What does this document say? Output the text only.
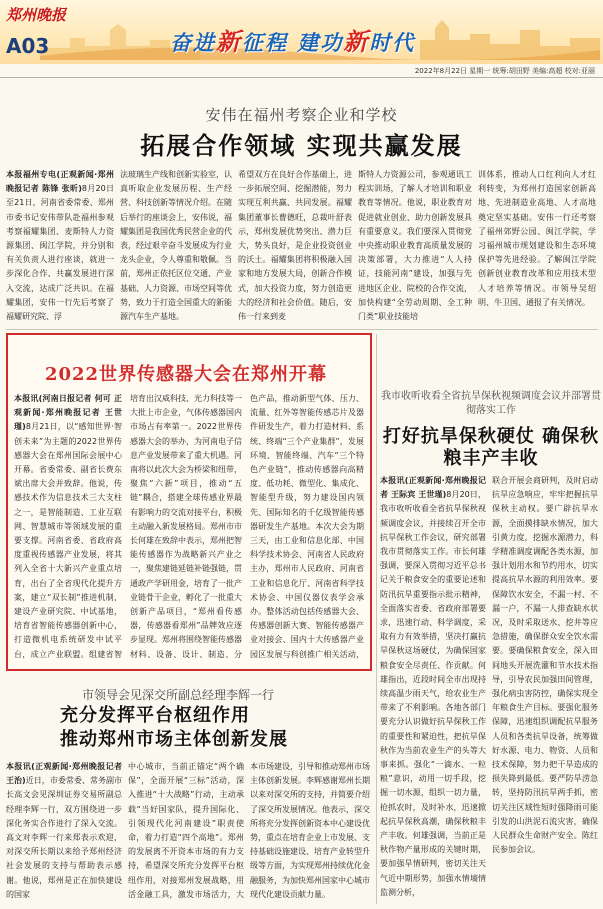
郑州晚报
A03	奋进新征程 建功新时代
2022年8月22日 星期一 统筹:胡田野 美编:高超 校对:亚丽
安伟在福州考察企业和学校
拓展合作领域 实现共赢发展
本报福州专电(正观新闻·郑州晚报记者 陈锋 张昕)8月20日至21日，河南省委常委、郑州市委书记安伟带队赴福州参观考察福耀集团、麦斯特人力资源集团、闽江学院，并分别和有关负责人进行座谈，就进一步深化合作、共赢发展进行深入交流，达成广泛共识。在福耀集团，安伟一行先后考察了福耀研究院、浮
法玻璃生产线和创新实验室，认真听取企业发展历程、生产经营、科技创新等情况介绍。在随后举行的座谈会上，安伟说，福耀集团是我国优秀民营企业的代表，经过艰辛奋斗发展成为行业龙头企业，令人尊重和敬佩。当前，郑州正依托区位交通、产业基础、人力资源、市场空间等优势，致力于打造全国重大的新能源汽车生产基地。
希望双方在良好合作基础上，进一步拓展空间、挖掘潜能，努力实现互利共赢、共同发展。福耀集团董事长曹德旺，总裁叶舒表示，郑州发展优势突出、潜力巨大，势头良好，是企业投资创业的沃土。福耀集团将积极融入国家和地方发展大局，创新合作模式，加大投资力度，努力创造更大的经济和社会价值。随后，安伟一行来到麦
斯特人力资源公司，参观通讯工程实训场，了解人才培训和职业教育等情况。他说，职业教育对促进就业创业、助力创新发展具有重要意义。我们要深入贯彻党中央推动职业教育高质量发展的决策部署，大力推进“人人持证，技能河南”建设，加强与先进地区企业、院校的合作交流，加快构建“全劳动周期、全工种门类”职业技能培
训体系，推动人口红利向人才红利转变，为郑州打造国家创新高地、先进制造业高地、人才高地奠定坚实基础。安伟一行还考察了福州郊野公园、闽江学院，学习福州城市规划建设和生态环境保护等先进经验。了解闽江学院创新创业教育改革和应用技术型人才培养等情况。市领导吴绍明、牛卫国、通报了有关情况。
2022世界传感器大会在郑州开幕
本报讯(河南日报记者 何可 正观新闻·郑州晚报记者 王世瑾)8月21日，以“感知世界·智创未来”为主题的2022世界传感器大会在郑州国际会展中心开幕。省委常委、副省长费东斌出席大会并致辞。他说，传感技术作为信息技术三大支柱之一，是智能制造、工业互联网、智慧城市等领域发展的重要支撑。河南省委、省政府高度重视传感器产业发展，将其列入全省十大新兴产业重点培育，出台了全省现代化提升方案，建立“双长制”推进机制，建设产业研究院、中试基地，培育省智能传感器创新中心，打造微机电系统研发中试平台，成立产业联盟。组建省智
培育出汉威科技、光力科技等一大批上市企业，气体传感器国内市场占有率第一。2022世界传感器大会的举办，为河南电子信息产业发展带来了重大机遇。河南将以此次大会为桥梁和纽带，聚焦“六新”项目，推动“五链”耦合，搭建全球传感业界最有影响力的交流对接平台，积极主动融入新发展格局。郑州市市长何雄在致辞中表示，郑州把智能传感器作为战略新兴产业之一，聚焦建链延链补链强链，贯通政产学研用金，培育了一批产业链骨干企业，孵化了一批重大创新产品项目，“郑州看传感器，传感器看郑州”品牌效应逐步显现。郑州将围绕智能传感器材料、设备、设计、制造、分
色产品，推动新型气体、压力、流量、红外等智能传感芯片及器件研发生产，着力打造材料、系统、终端“三个产业集群”，发展环境、智能终端、汽车“三个特色产业链”，推动传感器向高精度、低功耗、微型化、集成化、智能型升级，努力建设国内领先、国际知名的千亿级智能传感器研发生产基地。本次大会为期三天，由工业和信息化部、中国科学技术协会、河南省人民政府主办，郑州市人民政府、河南省工业和信息化厅、河南省科学技术协会、中国仪器仪表学会承办。整体活动包括传感器大会、传感器创新大赛、智能传感器产业对接会、国内十大传感器产业园区发展与科创推广相关活动，
我市收听收看全省抗旱保秋视频调度会议并部署贯彻落实工作
打好抗旱保秋硬仗 确保秋粮丰产丰收
本报讯(正观新闻·郑州晚报记者 王际宾 王世瑾)8月20日，我市收听收看全省抗旱保秋视频调度会议，并接续召开全市抗旱保秋工作会议，研究部署我市贯彻落实工作。市长何雄强调，要深入贯彻习近平总书记关于粮食安全的重要论述和防汛抗旱重要指示批示精神，全面落实省委、省政府部署要求，迅速行动、科学调度，采取有力有效举措，坚决打赢抗旱保秋这场硬仗，为确保国家粮食安全尽责任、作贡献。何雄指出，近段时间全市出现持续高温少雨天气，给农业生产带来了不利影响。各地各部门要充分认识做好抗旱保秋工作的重要性和紧迫性，把抗旱保秋作为当前农业生产的头等大事来抓。强化“一滴水、一粒粮”意识，动用一切手段，挖掘一切水源，组织一切力量，抢抓农时，及时补水，迅速掀起抗旱保秋高潮，确保秋粮丰产丰收。何雄强调，当前正是秋作物产量形成的关键时期，要加强旱情研判，密切关注天气近中期形势，加强水情墒情监测分析，
联合开展会商研判，及时启动抗旱应急响应，牢牢把握抗旱保秋主动权。要广辟抗旱水源，全面摸排缺水情况，加大引黄力度，挖掘水源潜力，科学精准调度调配各类水源，加强计划用水和节约用水，切实提高抗旱水源的利用效率。要保障饮水安全，不漏一村、不漏一户，不漏一人排查缺水状况，及时采取送水、挖井等应急措施，确保群众安全饮水需要。要确保粮食安全，深入田间地头开展洗灌和节水技术指导，引导农民加强田间管理，强化病虫害防控，确保实现全年粮食生产目标。要强化服务保障，迅速组织调配抗旱服务人员和各类抗旱设备，统筹做好水源、电力、物资、人员和技术保障，努力把干旱造成的损失降到最低。要严防旱涝急转，坚持防汛抗旱两手抓，密切关注区域性短时强降雨可能引发的山洪泥石流灾害，确保人民群众生命财产安全。陈红民参加会议。
市领导会见深交所副总经理李辉一行
充分发挥平台枢纽作用
推动郑州市场主体创新发展
本报讯(正观新闻·郑州晚报记者 王治)近日，市委常委、常务副市长高文会见深圳证券交易所副总经理李辉一行，双方围绕进一步深化务实合作进行了深入交流。高文对李辉一行来郑表示欢迎，对深交所长期以来给予郑州经济社会发展的支持与帮助表示感谢。他说，郑州是正在加快建设的国家
中心城市，当前正锚定“两个确保”，全面开展“三标”活动，深入推进“十大战略”行动，主动承载“当好国家队，提升国际化、引领现代化河南建设”职责使命，着力打造“四个高地”。郑州的发展离不开资本市场的有力支持，希望深交所充分发挥平台枢纽作用，对接郑州发展战略，用活金融工具，激发市场活力，大
本市场建设，引导和推动郑州市场主体创新发展。李辉感谢郑州长期以来对深交所的支持，并简要介绍了深交所发展情况。他表示，深交所将充分发挥创新资本中心建设优势，重点在培育企业上市发展、支持基础设施建设、培育产业转型升级等方面，为实现郑州持续优化金融服务，为加快郑州国家中心城市现代化建设贡献力量。
